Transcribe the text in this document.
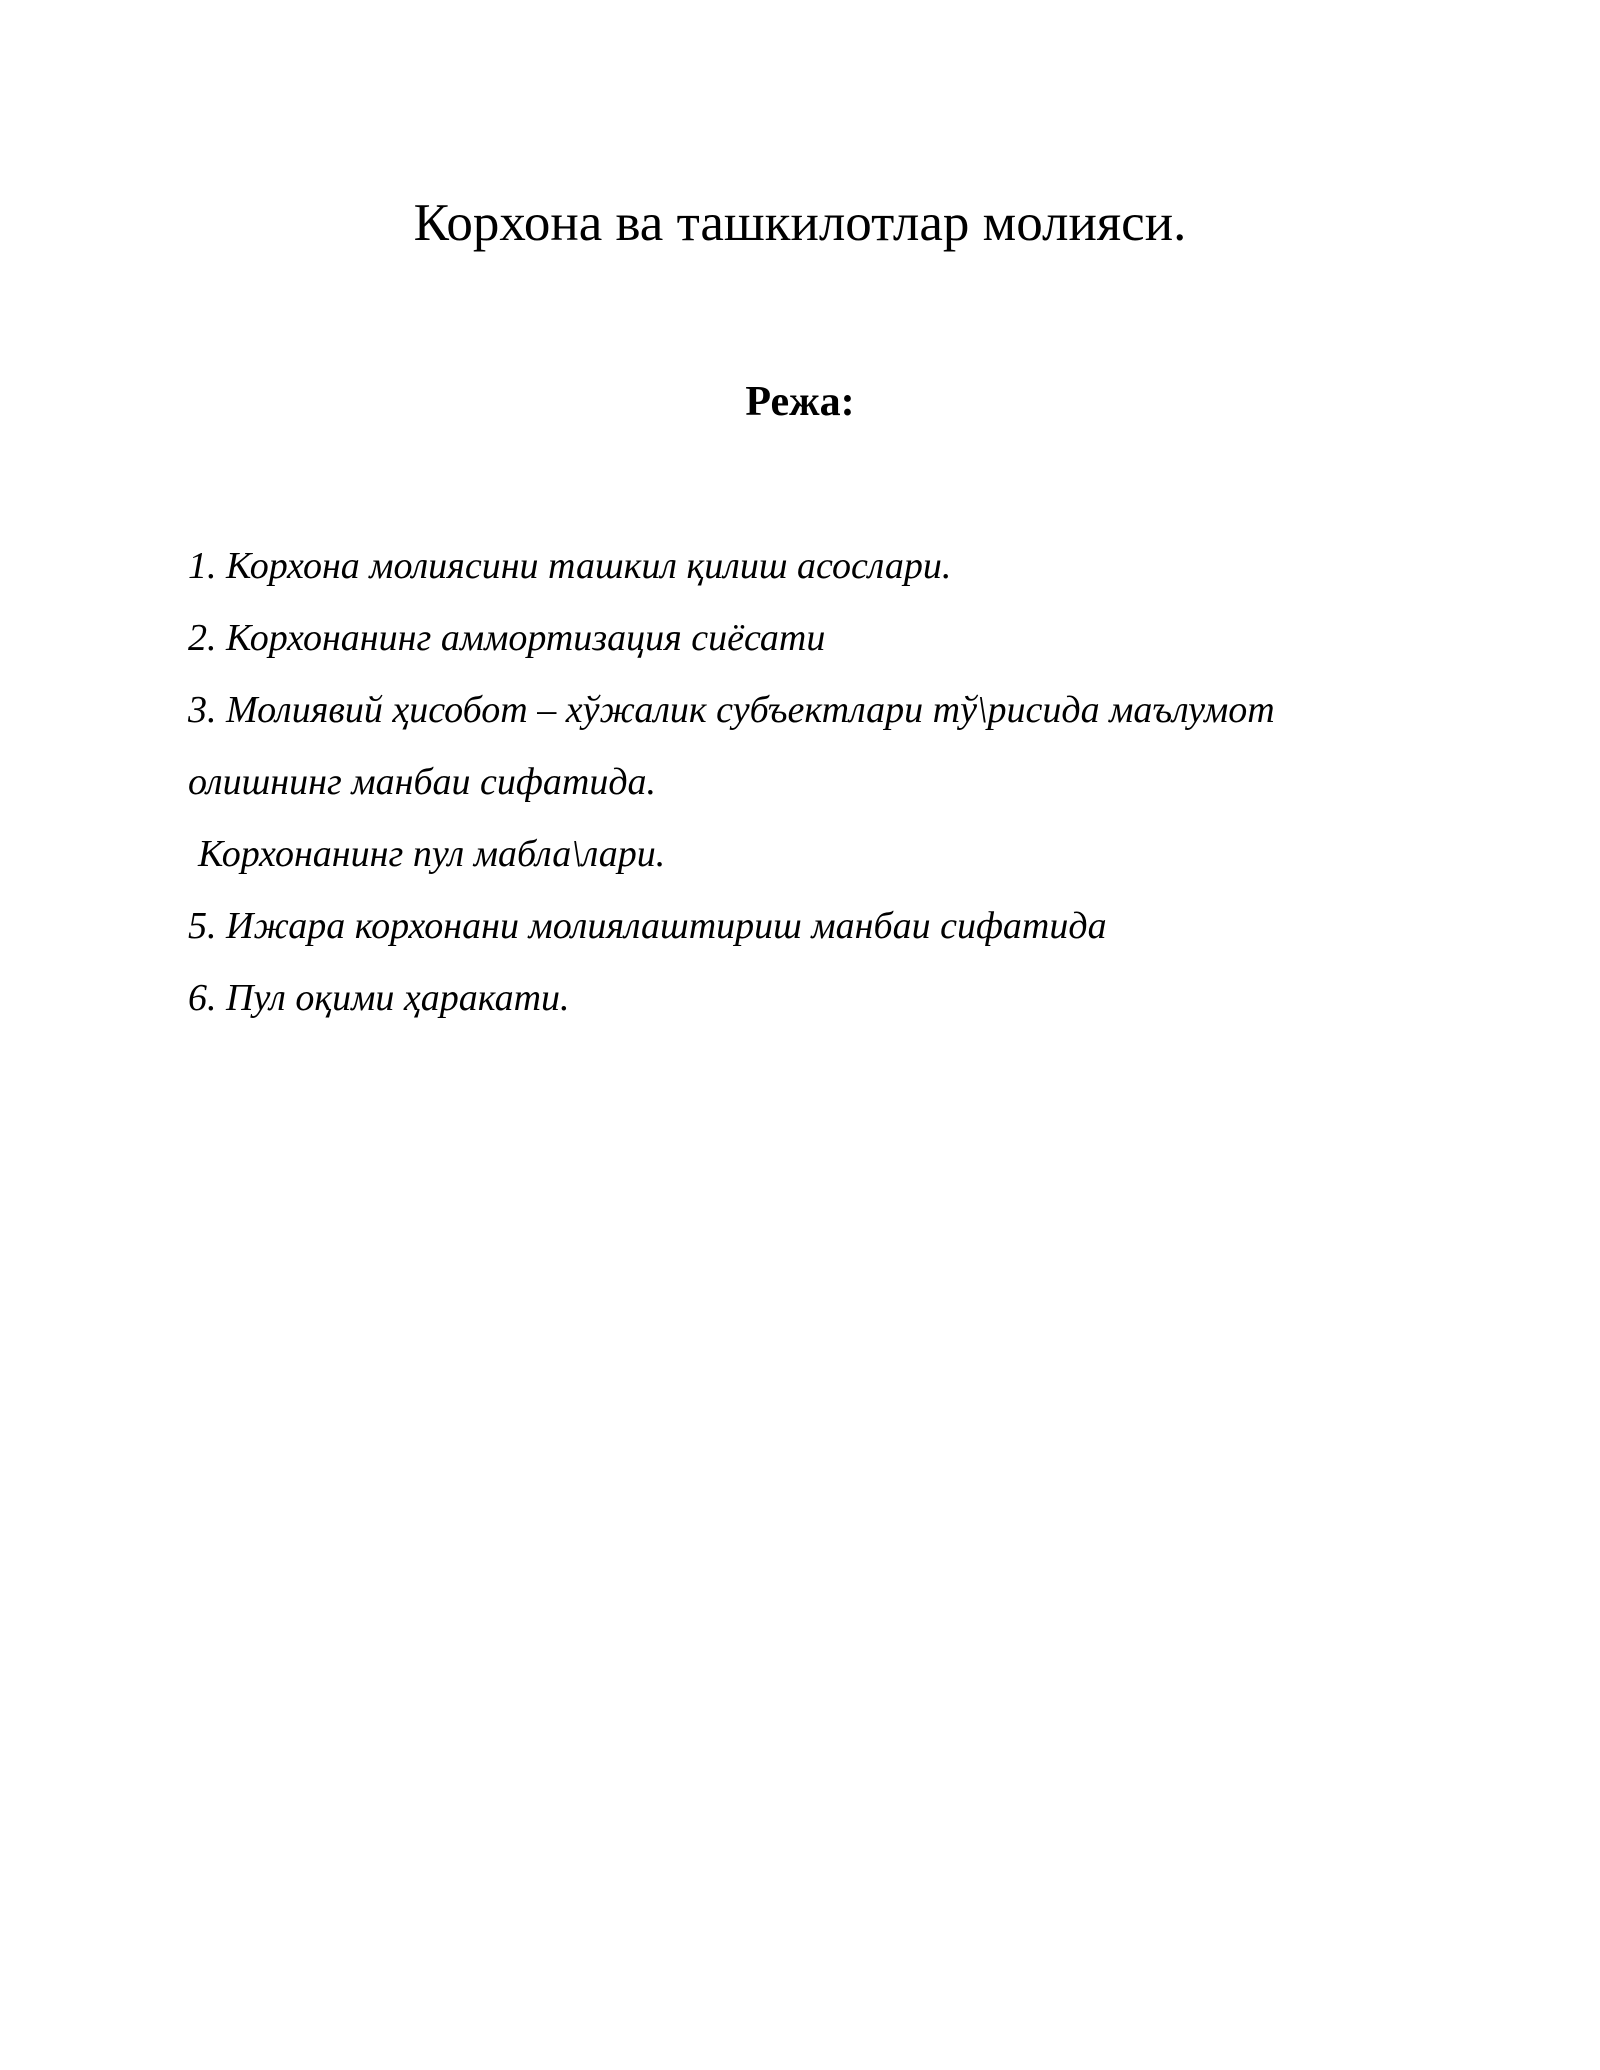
Корхона ва ташкилотлар молияси.
Режа:
1. Корхона молиясини ташкил қилиш асослари.
2. Корхонанинг аммортизация сиёсати
3. Молиявий ҳисобот – хўжалик субъектлари тў\рисида маълумот
олишнинг манбаи сифатида.
Корхонанинг пул мабла\лари.
5. Ижара корхонани молиялаштириш манбаи сифатида
6. Пул оқими ҳаракати.
